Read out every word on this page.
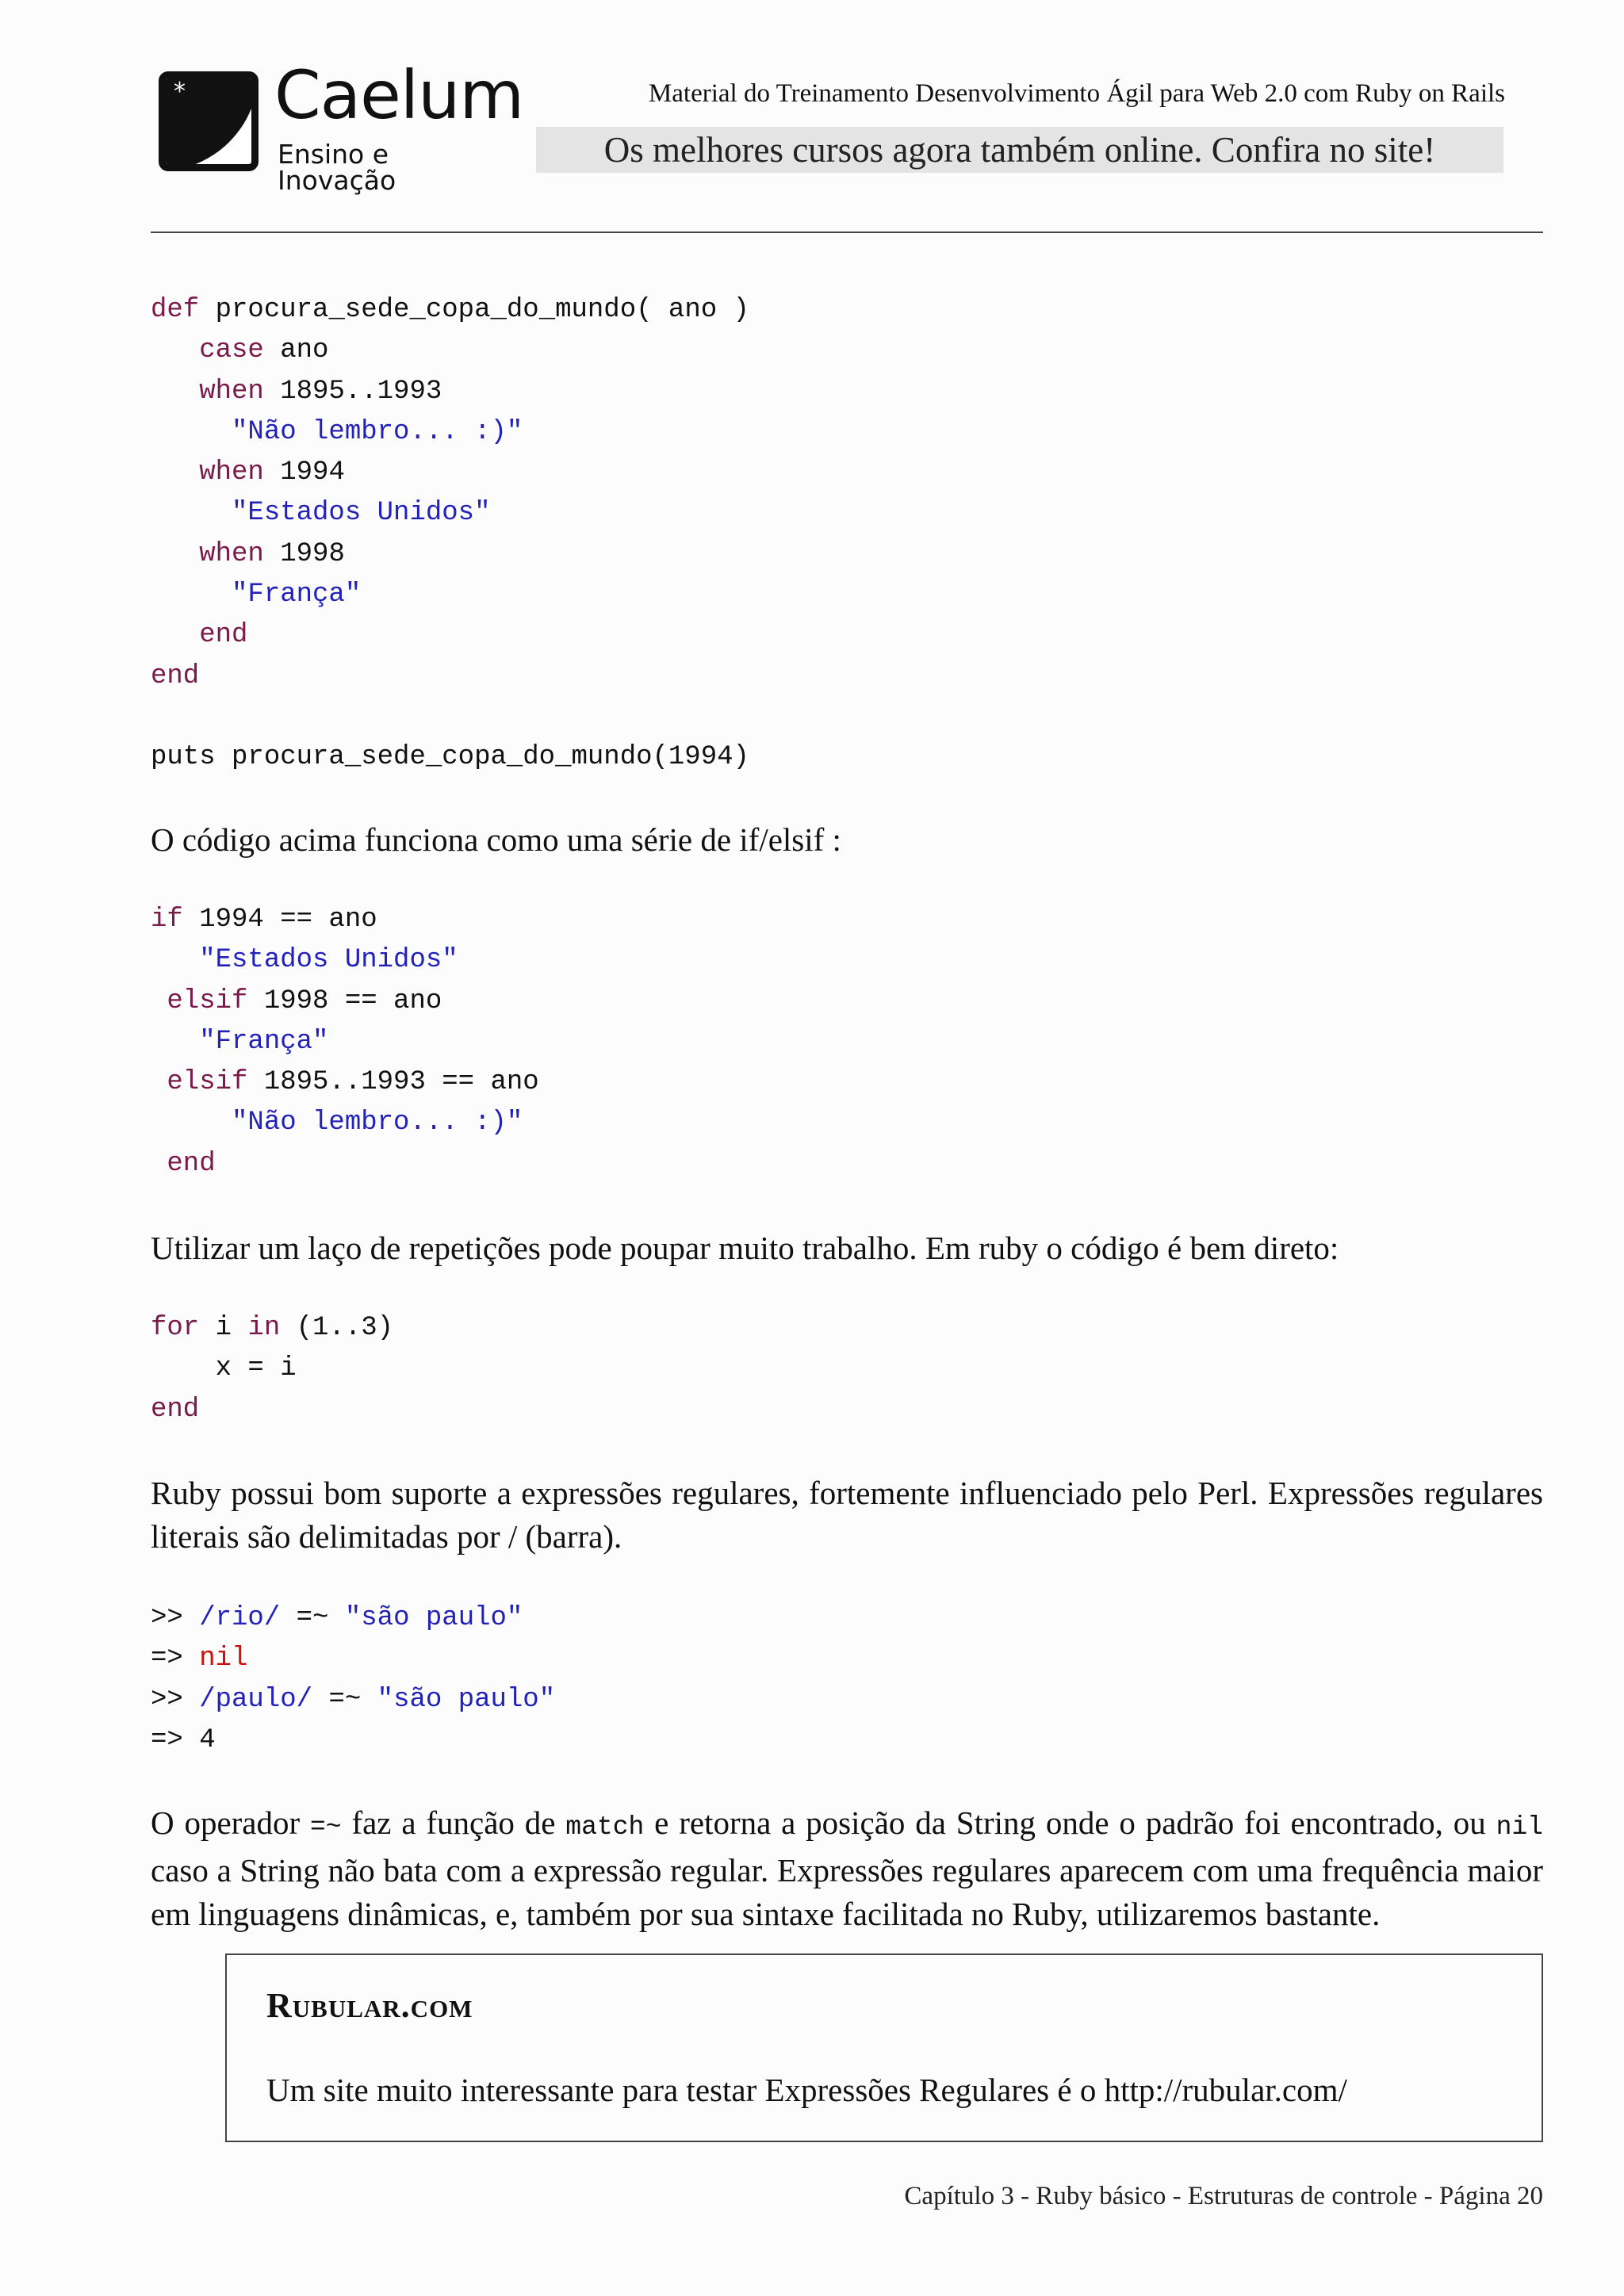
* Caelum
Ensino e Inovação
Material do Treinamento Desenvolvimento Ágil para Web 2.0 com Ruby on Rails
Os melhores cursos agora também online. Confira no site!
def procura_sede_copa_do_mundo( ano )
case ano
when 1895..1993
"Não lembro... :)"
when 1994
"Estados Unidos"
when 1998
"França"
end
end
puts procura_sede_copa_do_mundo(1994)

O código acima funciona como uma série de if/elsif :

if 1994 == ano
"Estados Unidos"
elsif 1998 == ano
"França"
elsif 1895..1993 == ano
"Não lembro... :)"
end

Utilizar um laço de repetições pode poupar muito trabalho. Em ruby o código é bem direto:

for i in (1..3)
x = i
end

Ruby possui bom suporte a expressões regulares, fortemente influenciado pelo Perl. Expressões regulares literais são delimitadas por / (barra).

>> /rio/ =~ "são paulo"
=> nil
>> /paulo/ =~ "são paulo"
=> 4

O operador =~ faz a função de match e retorna a posição da String onde o padrão foi encontrado, ou nil caso a String não bata com a expressão regular. Expressões regulares aparecem com uma frequência maior em linguagens dinâmicas, e, também por sua sintaxe facilitada no Ruby, utilizaremos bastante.

Rubular.com
Um site muito interessante para testar Expressões Regulares é o http://rubular.com/
Capítulo 3 - Ruby básico - Estruturas de controle - Página 20
